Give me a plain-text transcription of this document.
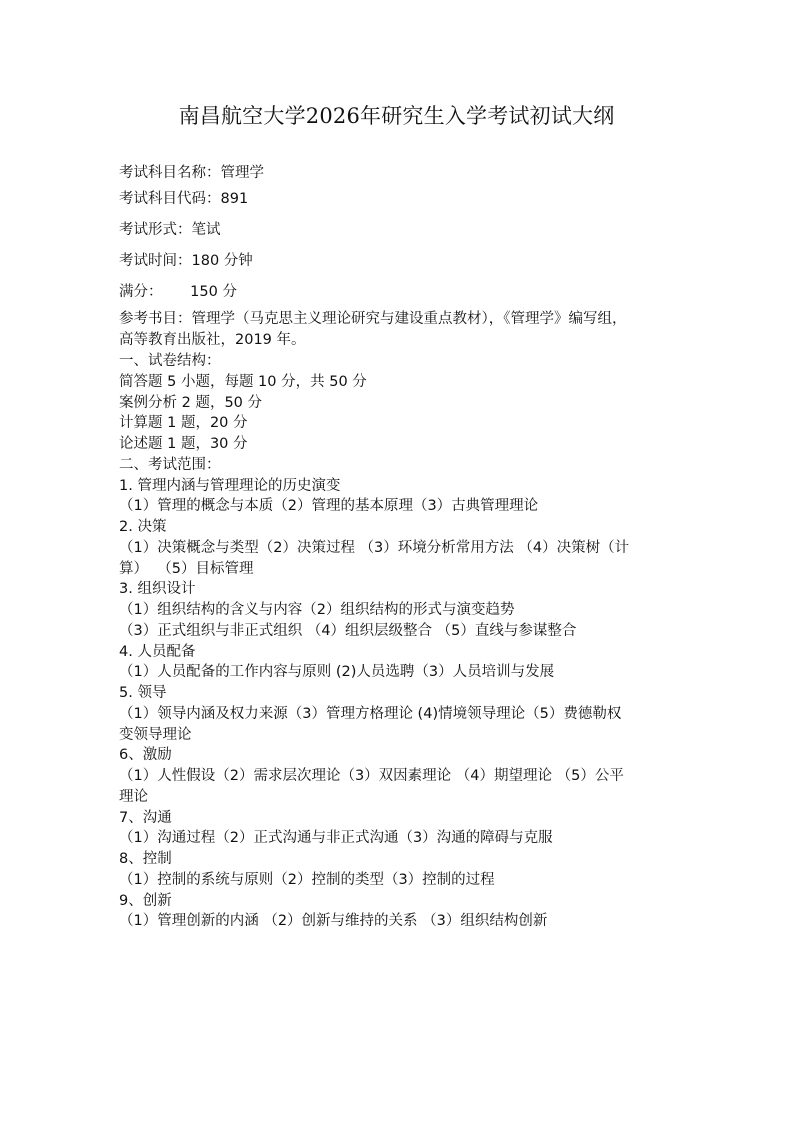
南昌航空大学2026年研究生入学考试初试大纲
考试科目名称：管理学
考试科目代码：891
考试形式：笔试
考试时间：180 分钟
满分：      150 分
参考书目：管理学（马克思主义理论研究与建设重点教材），《管理学》编写组，
高等教育出版社，2019 年。
一、试卷结构：
简答题 5 小题，每题 10 分，共 50 分
案例分析 2 题，50 分
计算题 1 题，20 分
论述题 1 题，30 分
二、考试范围：
1. 管理内涵与管理理论的历史演变
（1）管理的概念与本质（2）管理的基本原理（3）古典管理理论
2. 决策
（1）决策概念与类型（2）决策过程 （3）环境分析常用方法 （4）决策树（计
算）  （5）目标管理
3. 组织设计
（1）组织结构的含义与内容（2）组织结构的形式与演变趋势
（3）正式组织与非正式组织 （4）组织层级整合 （5）直线与参谋整合
4. 人员配备
（1）人员配备的工作内容与原则 (2)人员选聘（3）人员培训与发展
5. 领导
（1）领导内涵及权力来源（3）管理方格理论 (4)情境领导理论（5）费德勒权
变领导理论
6、激励
（1）人性假设（2）需求层次理论（3）双因素理论 （4）期望理论 （5）公平
理论
7、沟通
（1）沟通过程（2）正式沟通与非正式沟通（3）沟通的障碍与克服
8、控制
（1）控制的系统与原则（2）控制的类型（3）控制的过程
9、创新
（1）管理创新的内涵 （2）创新与维持的关系 （3）组织结构创新
